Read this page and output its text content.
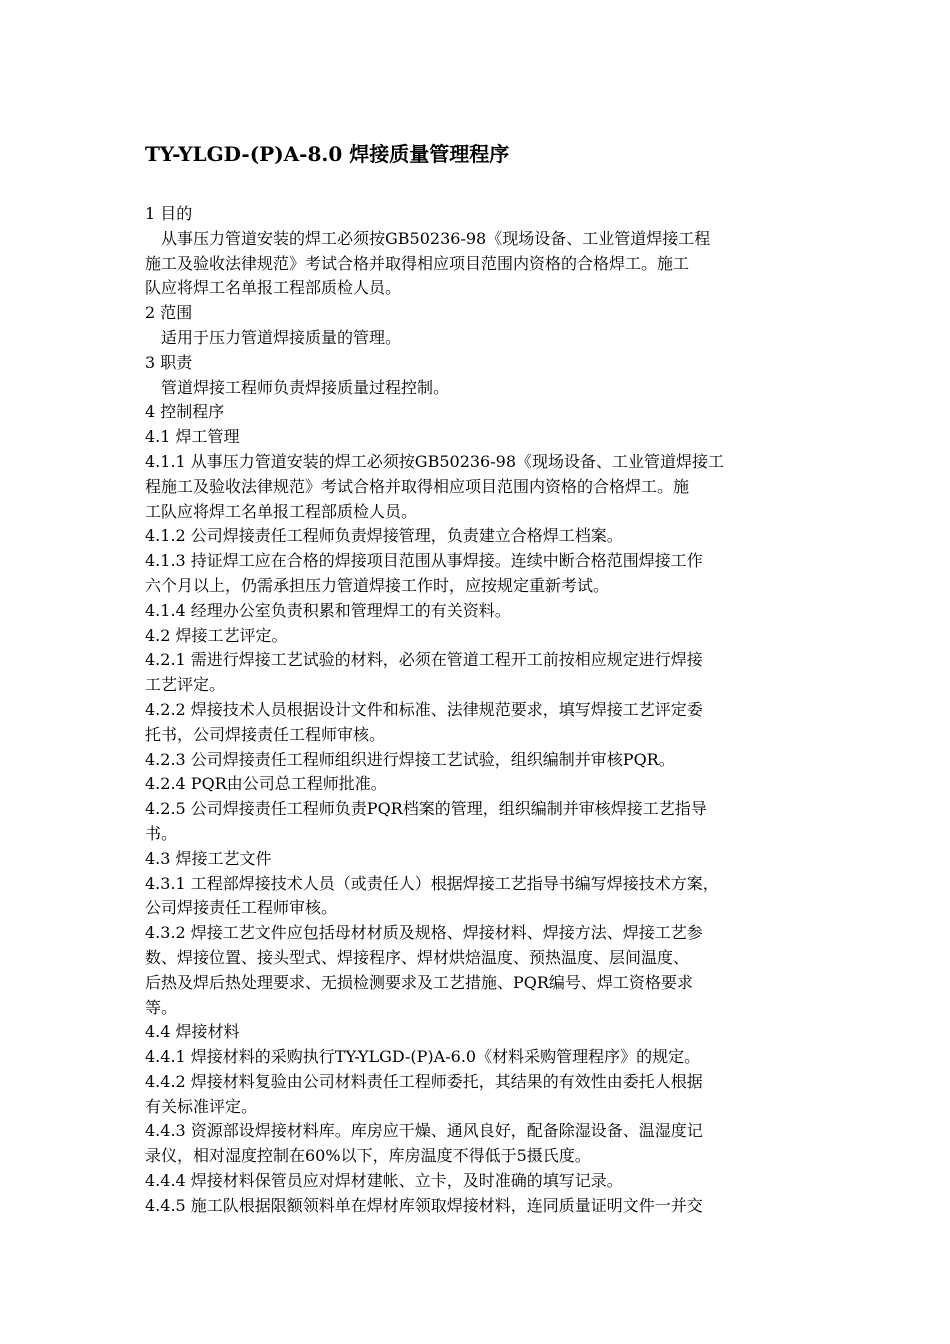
TY-YLGD-(P)A-8.0 焊接质量管理程序
1 目的
从事压力管道安装的焊工必须按GB50236-98《现场设备、工业管道焊接工程
施工及验收法律规范》考试合格并取得相应项目范围内资格的合格焊工。施工
队应将焊工名单报工程部质检人员。
2 范围
适用于压力管道焊接质量的管理。
3 职责
管道焊接工程师负责焊接质量过程控制。
4 控制程序
4.1 焊工管理
4.1.1 从事压力管道安装的焊工必须按GB50236-98《现场设备、工业管道焊接工
程施工及验收法律规范》考试合格并取得相应项目范围内资格的合格焊工。施
工队应将焊工名单报工程部质检人员。
4.1.2 公司焊接责任工程师负责焊接管理，负责建立合格焊工档案。
4.1.3 持证焊工应在合格的焊接项目范围从事焊接。连续中断合格范围焊接工作
六个月以上，仍需承担压力管道焊接工作时，应按规定重新考试。
4.1.4 经理办公室负责积累和管理焊工的有关资料。
4.2 焊接工艺评定。
4.2.1 需进行焊接工艺试验的材料，必须在管道工程开工前按相应规定进行焊接
工艺评定。
4.2.2 焊接技术人员根据设计文件和标准、法律规范要求，填写焊接工艺评定委
托书，公司焊接责任工程师审核。
4.2.3 公司焊接责任工程师组织进行焊接工艺试验，组织编制并审核PQR。
4.2.4 PQR由公司总工程师批准。
4.2.5 公司焊接责任工程师负责PQR档案的管理，组织编制并审核焊接工艺指导
书。
4.3 焊接工艺文件
4.3.1 工程部焊接技术人员（或责任人）根据焊接工艺指导书编写焊接技术方案，
公司焊接责任工程师审核。
4.3.2 焊接工艺文件应包括母材材质及规格、焊接材料、焊接方法、焊接工艺参
数、焊接位置、接头型式、焊接程序、焊材烘焙温度、预热温度、层间温度、
后热及焊后热处理要求、无损检测要求及工艺措施、PQR编号、焊工资格要求
等。
4.4 焊接材料
4.4.1 焊接材料的采购执行TY-YLGD-(P)A-6.0《材料采购管理程序》的规定。
4.4.2 焊接材料复验由公司材料责任工程师委托，其结果的有效性由委托人根据
有关标准评定。
4.4.3 资源部设焊接材料库。库房应干燥、通风良好，配备除湿设备、温湿度记
录仪，相对湿度控制在60%以下，库房温度不得低于5摄氏度。
4.4.4 焊接材料保管员应对焊材建帐、立卡，及时准确的填写记录。
4.4.5 施工队根据限额领料单在焊材库领取焊接材料，连同质量证明文件一并交
